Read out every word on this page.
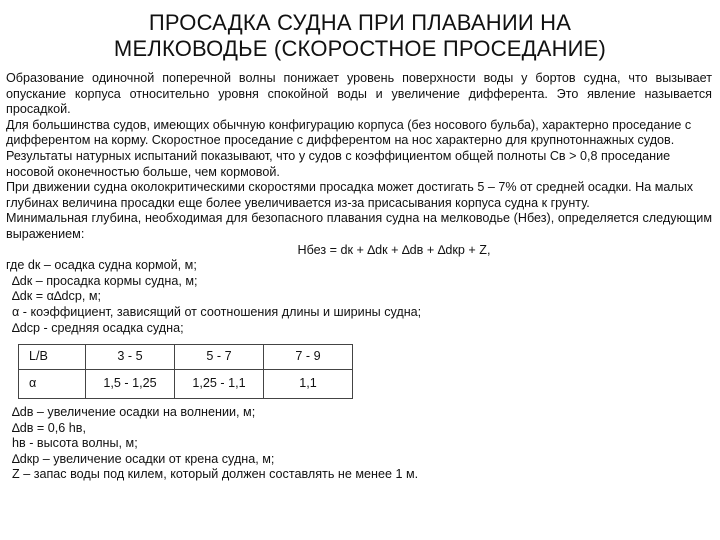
ПРОСАДКА СУДНА ПРИ ПЛАВАНИИ НА
МЕЛКОВОДЬЕ (СКОРОСТНОЕ ПРОСЕДАНИЕ)

Образование одиночной поперечной волны понижает уровень поверхности воды у бортов судна, что вызывает опускание корпуса относительно уровня спокойной воды и увеличение дифферента. Это явление называется просадкой.

Для большинства судов, имеющих обычную конфигурацию корпуса (без носового бульба), характерно проседание с дифферентом на корму. Скоростное проседание с дифферентом на нос характерно для крупнотоннажных судов. Результаты натурных испытаний показывают, что у судов с коэффициентом общей полноты Св > 0,8 проседание носовой оконечностью больше, чем кормовой.

При движении судна околокритическими скоростями просадка может достигать 5 – 7% от средней осадки. На малых глубинах величина просадки еще более увеличивается из-за присасывания корпуса судна к грунту.

Минимальная глубина, необходимая для безопасного плавания судна на мелководье (Нбез), определяется следующим выражением:

Нбез = dк + ∆dк + ∆dв + ∆dкр + Z,

где dк – осадка судна кормой, м;

∆dк – просадка кормы судна, м;

∆dк = α∆dср, м;

α - коэффициент, зависящий от соотношения длины и ширины судна;

∆dср - средняя осадка судна;

L/B	3 - 5	5 - 7	7 - 9
α	1,5 - 1,25	1,25 - 1,1	1,1

∆dв – увеличение осадки на волнении, м;

∆dв = 0,6 hв,

hв - высота волны, м;

∆dкр – увеличение осадки от крена судна, м;

Z – запас воды под килем, который должен составлять не менее 1 м.
